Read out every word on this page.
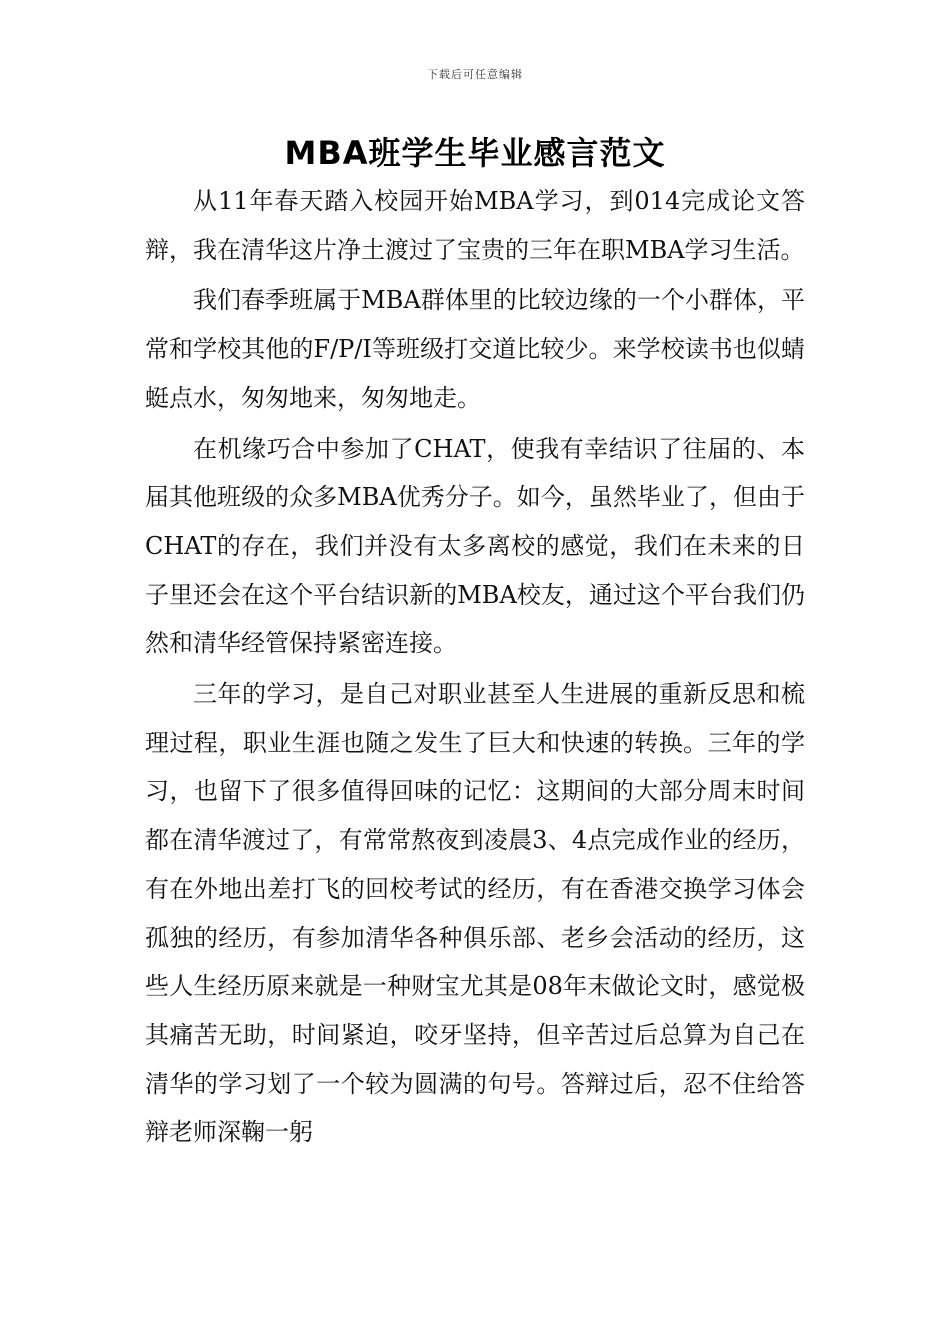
下载后可任意编辑
MBA班学生毕业感言范文

从11年春天踏入校园开始MBA学习，到014完成论文答辩，我在清华这片净土渡过了宝贵的三年在职MBA学习生活。

我们春季班属于MBA群体里的比较边缘的一个小群体，平常和学校其他的F/P/I等班级打交道比较少。来学校读书也似蜻蜓点水，匆匆地来，匆匆地走。

在机缘巧合中参加了CHAT，使我有幸结识了往届的、本届其他班级的众多MBA优秀分子。如今，虽然毕业了，但由于CHAT的存在，我们并没有太多离校的感觉，我们在未来的日子里还会在这个平台结识新的MBA校友，通过这个平台我们仍然和清华经管保持紧密连接。

三年的学习，是自己对职业甚至人生进展的重新反思和梳理过程，职业生涯也随之发生了巨大和快速的转换。三年的学习，也留下了很多值得回味的记忆：这期间的大部分周末时间都在清华渡过了，有常常熬夜到凌晨3、4点完成作业的经历，有在外地出差打飞的回校考试的经历，有在香港交换学习体会孤独的经历，有参加清华各种俱乐部、老乡会活动的经历，这些人生经历原来就是一种财宝尤其是08年末做论文时，感觉极其痛苦无助，时间紧迫，咬牙坚持，但辛苦过后总算为自己在清华的学习划了一个较为圆满的句号。答辩过后，忍不住给答辩老师深鞠一躬
